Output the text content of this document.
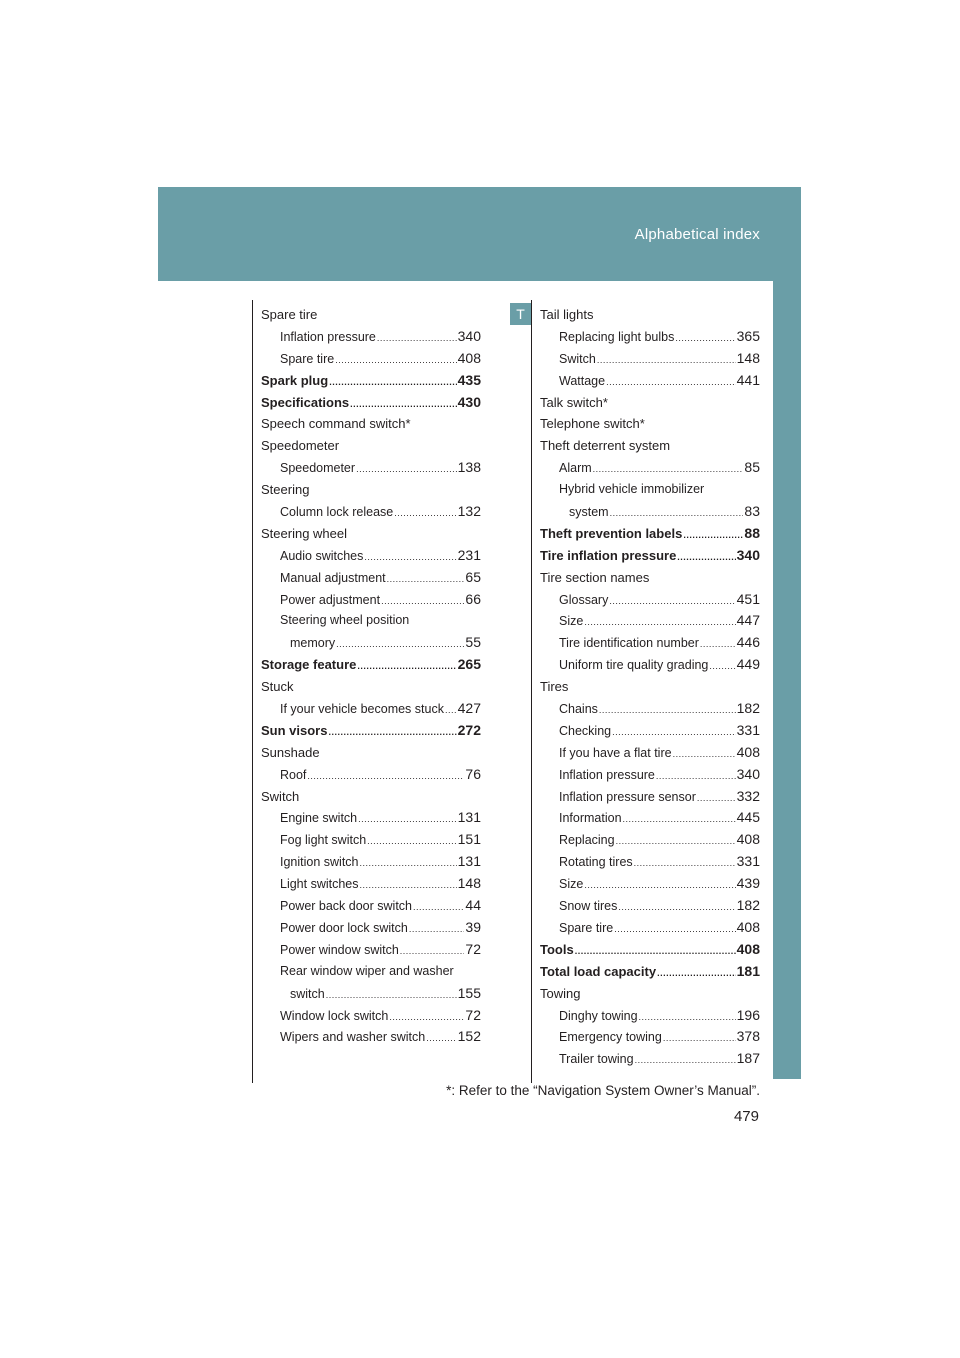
Alphabetical index
T
Spare tire
Inflation pressure .....	340
Spare tire .....	408
Spark plug .....	435
Specifications .....	430
Speech command switch*
Speedometer
Speedometer .....	138
Steering
Column lock release .....	132
Steering wheel
Audio switches .....	231
Manual adjustment .....	65
Power adjustment .....	66
Steering wheel position
memory .....	55
Storage feature .....	265
Stuck
If your vehicle becomes stuck ..... 427
Sun visors .....	272
Sunshade
Roof .....	76
Switch
Engine switch .....	131
Fog light switch .....	151
Ignition switch .....	131
Light switches .....	148
Power back door switch .....	44
Power door lock switch .....	39
Power window switch .....	72
Rear window wiper and washer
switch .....	155
Window lock switch .....	72
Wipers and washer switch ..... 152
Tail lights
Replacing light bulbs .....	365
Switch .....	148
Wattage .....	441
Talk switch*
Telephone switch*
Theft deterrent system
Alarm .....	85
Hybrid vehicle immobilizer
system .....	83
Theft prevention labels .....	88
Tire inflation pressure .....	340
Tire section names
Glossary .....	451
Size .....	447
Tire identification number .....	446
Uniform tire quality grading ..... 449
Tires
Chains .....	182
Checking .....	331
If you have a flat tire .....	408
Inflation pressure .....	340
Inflation pressure sensor .....	332
Information .....	445
Replacing .....	408
Rotating tires .....	331
Size .....	439
Snow tires .....	182
Spare tire .....	408
Tools .....	408
Total load capacity .....	181
Towing
Dinghy towing .....	196
Emergency towing .....	378
Trailer towing .....	187
*: Refer to the “Navigation System Owner’s Manual”.
479
